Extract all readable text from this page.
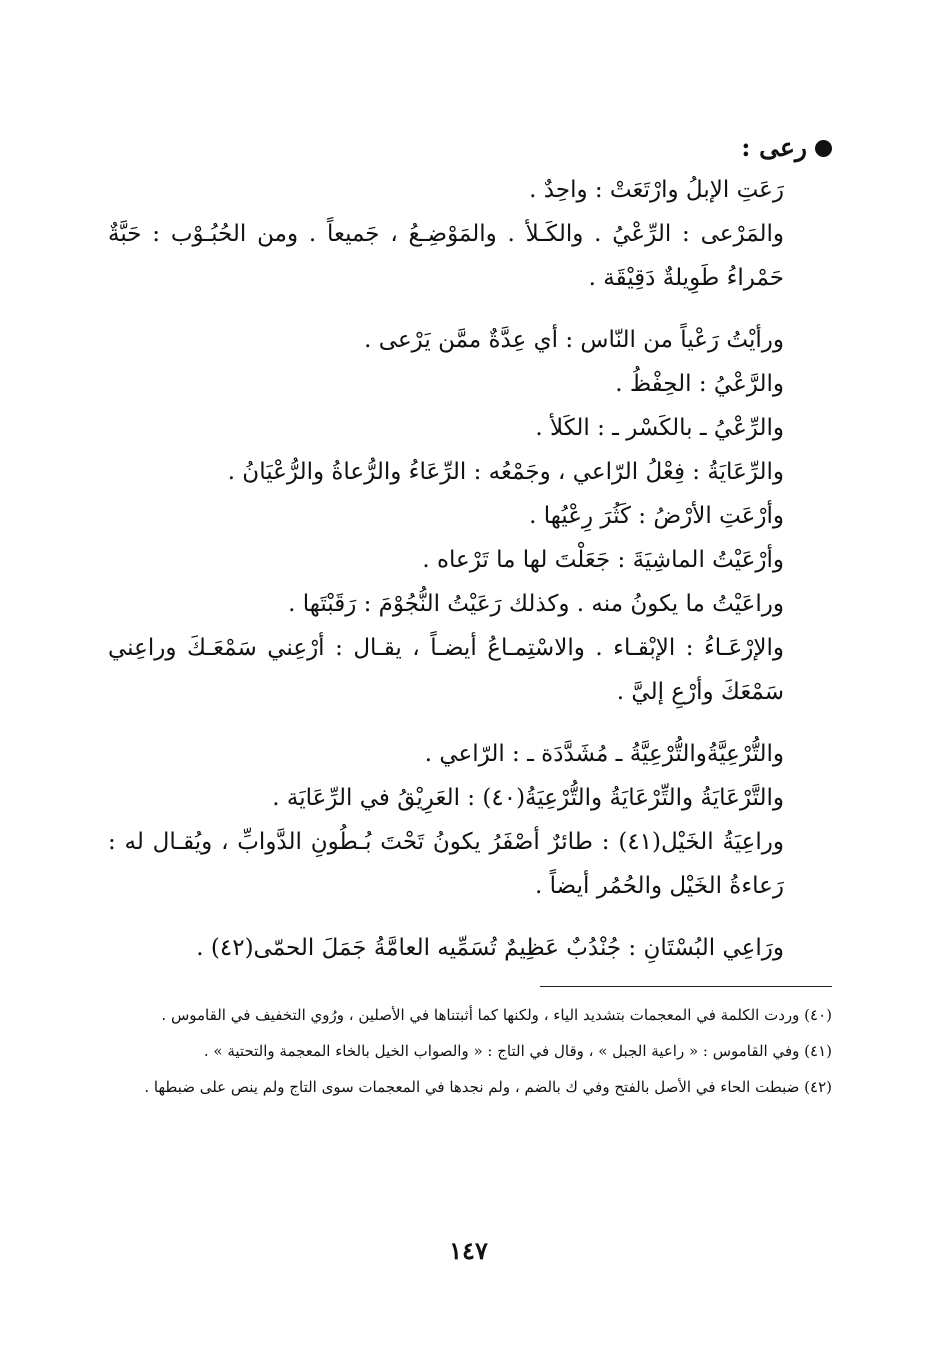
رعى :

رَعَتِ الإبلُ وارْتَعَتْ : واحِدٌ .

والمَرْعى : الرِّعْيُ . والكَـلأ . والمَوْضِـعُ ، جَميعاً . ومن الحُبُـوْب : حَبَّةٌ حَمْراءُ طَوِيلةٌ دَقِيْقَة .

ورأيْتُ رَعْياً من النّاس : أي عِدَّةٌ ممَّن يَرْعى .

والرَّعْيُ : الحِفْظُ .

والرِّعْيُ ـ بالكَسْر ـ : الكَلأ .

والرِّعَايَةُ : فِعْلُ الرّاعي ، وجَمْعُه : الرِّعَاءُ والرُّعاةُ والرُّعْيَانُ .

وأرْعَتِ الأرْضُ : كَثُرَ رِعْيُها .

وأرْعَيْتُ الماشِيَةَ : جَعَلْتَ لها ما تَرْعاه .

وراعَيْتُ ما يكونُ منه . وكذلك رَعَيْتُ النُّجُوْمَ : رَقَبْتَها .

والإرْعَـاءُ : الإبْقـاء . والاسْتِمـاعُ أيضـاً ، يقـال : أرْعِني سَمْعَـكَ وراعِني سَمْعَكَ وأرْعِ إليَّ .

والتُّرْعِيَّةُوالتُّرْعِيَّةُ ـ مُشَدَّدَة ـ : الرّاعي .

والتَّرْعَايَةُ والتِّرْعَايَةُ والتُّرْعِيَةُ(٤٠) : العَرِيْقُ في الرِّعَايَة .

وراعِيَةُ الخَيْل(٤١) : طائرٌ أصْفَرُ يكونُ تَحْتَ بُـطُونِ الدَّوابِّ ، ويُقـال له : رَعاءةُ الخَيْل والحُمُر أيضاً .

ورَاعِي البُسْتَانِ : جُنْدُبٌ عَظِيمٌ تُسَمِّيه العامَّةُ جَمَلَ الحمّى(٤٢) .

(٤٠) وردت الكلمة في المعجمات بتشديد الياء ، ولكنها كما أثبتناها في الأصلين ، ورُوي التخفيف في القاموس .

(٤١) وفي القاموس : « راعية الجبل » ، وقال في التاج : « والصواب الخيل بالخاء المعجمة والتحتية » .

(٤٢) ضبطت الحاء في الأصل بالفتح وفي ك بالضم ، ولم نجدها في المعجمات سوى التاج ولم ينص على ضبطها .

١٤٧
